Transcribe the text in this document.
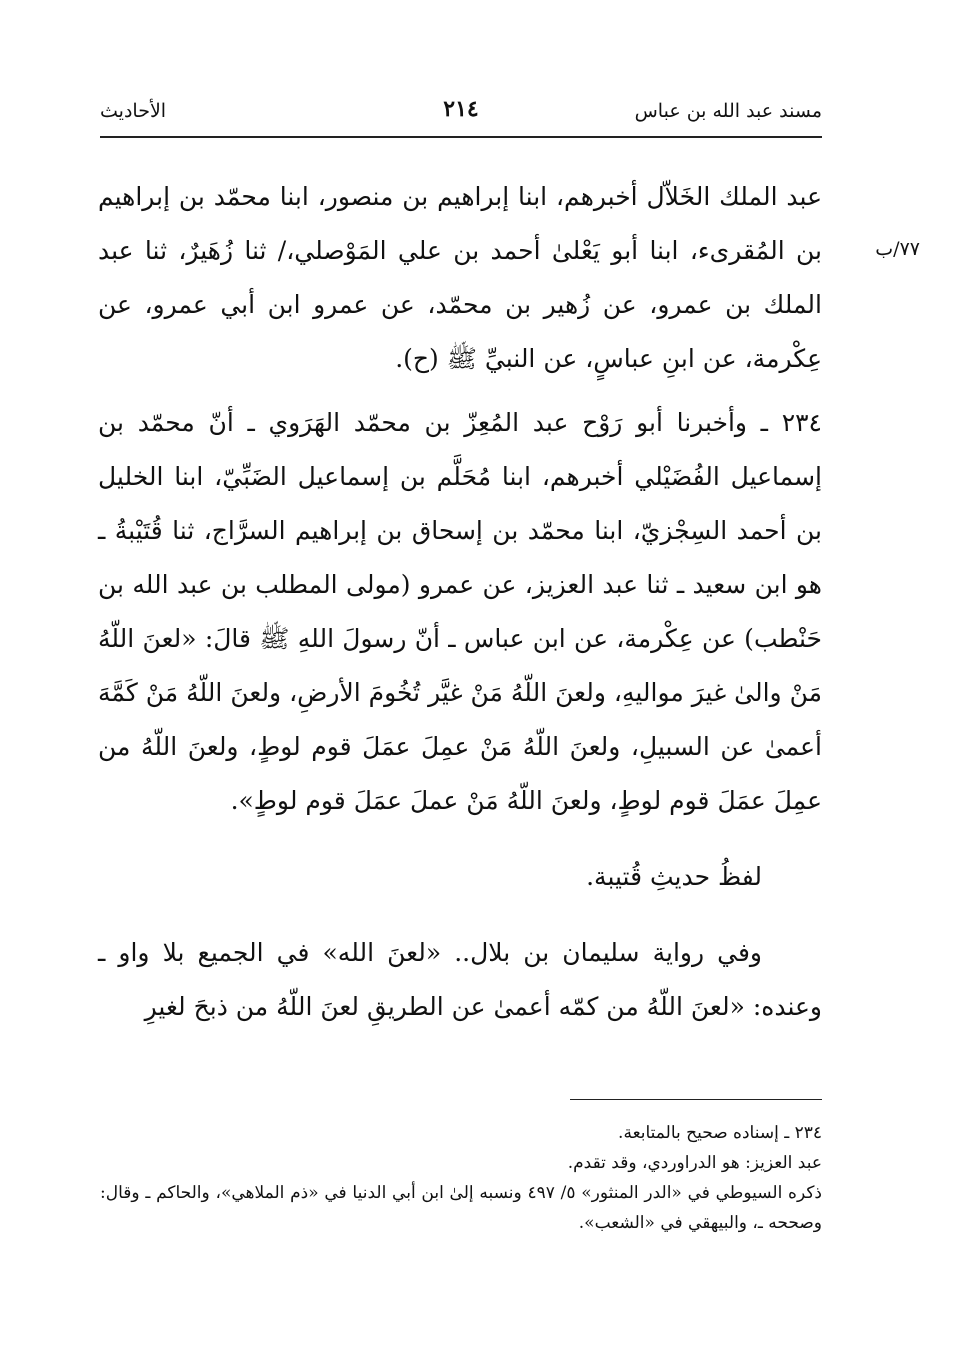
مسند عبد الله بن عباس
٢١٤
الأحاديث
٧٧/ب

عبد الملك الخَلاّل أخبرهم، ابنا إبراهيم بن منصور، ابنا محمّد بن إبراهيم بن المُقرىء، ابنا أبو يَعْلىٰ أحمد بن علي المَوْصلي،/ ثنا زُهَيرٌ، ثنا عبد الملك بن عمرو، عن زُهير بن محمّد، عن عمرو ابن أبي عمرو، عن عِكْرمة، عن ابنِ عباسٍ، عن النبيِّ ﷺ (ح).

٢٣٤ ـ وأخبرنا أبو رَوْح عبد المُعِزّ بن محمّد الهَرَوي ـ أنّ محمّد بن إسماعيل الفُضَيْلي أخبرهم، ابنا مُحَلَّم بن إسماعيل الضَبِّيّ، ابنا الخليل بن أحمد السِجْزيّ، ابنا محمّد بن إسحاق بن إبراهيم السرَّاج، ثنا قُتَيْبةُ ـ هو ابن سعيد ـ ثنا عبد العزيز، عن عمرو (مولى المطلب بن عبد الله بن حَنْطب) عن عِكْرمة، عن ابن عباس ـ أنّ رسولَ اللهِ ﷺ قالَ: «لعنَ اللّهُ مَنْ والىٰ غيرَ مواليهِ، ولعنَ اللّهُ مَنْ غيَّر تُخُومَ الأرضِ، ولعنَ اللّهُ مَنْ كَمَّهَ أعمىٰ عن السبيلِ، ولعنَ اللّهُ مَنْ عمِلَ عمَلَ قوم لوطٍ، ولعنَ اللّهُ من عمِلَ عمَلَ قوم لوطٍ، ولعنَ اللّهُ مَنْ عملَ عمَلَ قوم لوطٍ».

لفظُ حديثِ قُتيبة.

وفي رواية سليمان بن بلال.. «لعنَ الله» في الجميع بلا واو ـ وعنده: «لعنَ اللّهُ من كمّه أعمىٰ عن الطريقِ لعنَ اللّهُ من ذبحَ لغيرِ

٢٣٤ ـ إسناده صحيح بالمتابعة.

عبد العزيز: هو الدراوردي، وقد تقدم.

ذكره السيوطي في «الدر المنثور» ٥/ ٤٩٧ ونسبه إلىٰ ابن أبي الدنيا في «ذم الملاهي»، والحاكم ـ وقال: وصححه ـ، والبيهقي في «الشعب».
